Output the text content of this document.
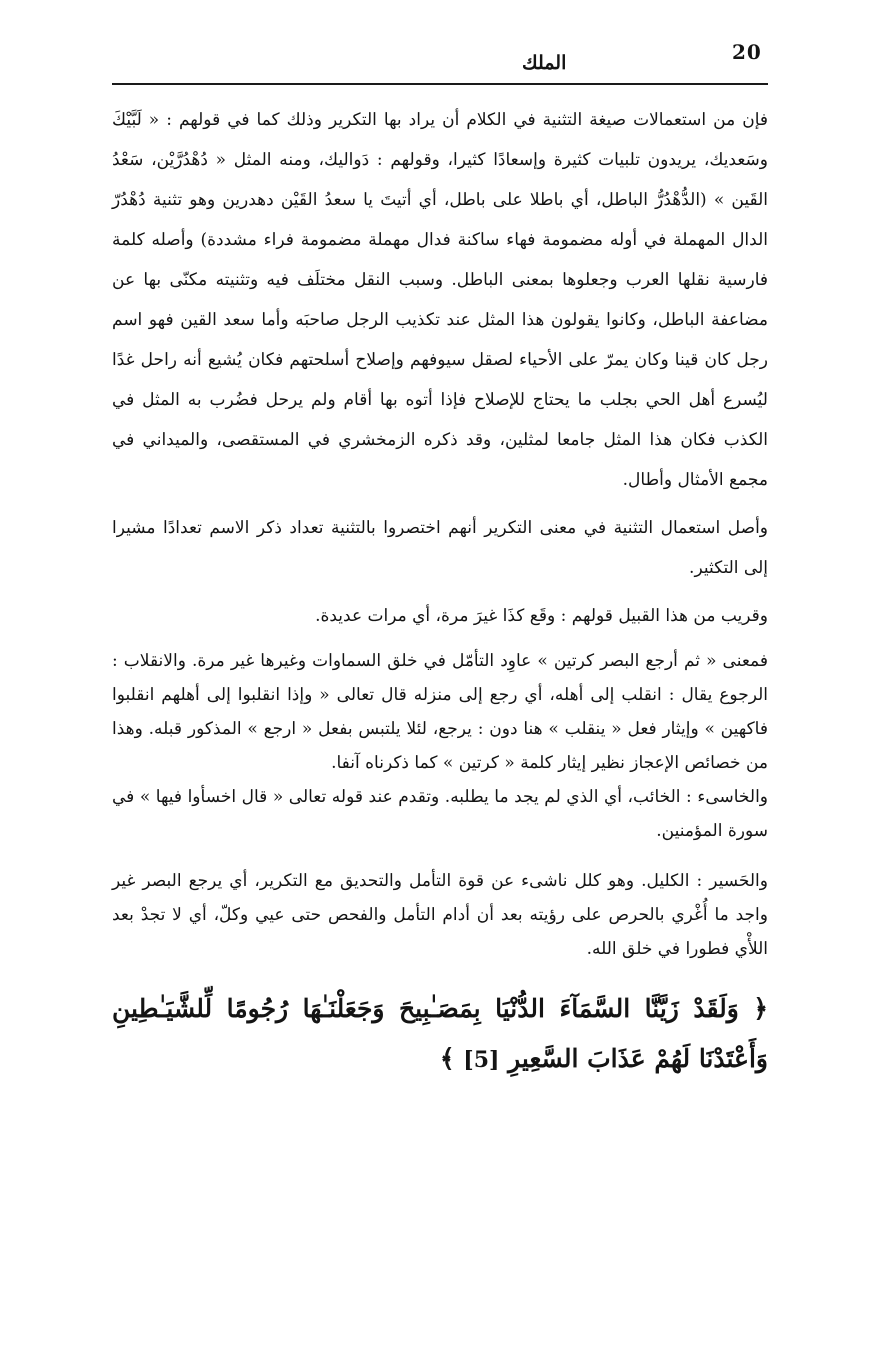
20
الملك

فإن من استعمالات صيغة التثنية في الكلام أن يراد بها التكرير وذلك كما في قولهم : « لَبَّيْكَ وسَعديك، يريدون تلبيات كثيرة وإسعادًا كثيرا، وقولهم : دَواليك، ومنه المثل « دُهْدُرَّيْن، سَعْدُ القَين » (الدُّهْدُرُّ الباطل، أي باطلا على باطل، أي أتيتَ يا سعدُ القَيْن دهدرين وهو تثنية دُهْدُرّ الدال المهملة في أوله مضمومة فهاء ساكنة فدال مهملة مضمومة فراء مشددة) وأصله كلمة فارسية نقلها العرب وجعلوها بمعنى الباطل. وسبب النقل مختلَف فيه وتثنيته مكنّى بها عن مضاعفة الباطل، وكانوا يقولون هذا المثل عند تكذيب الرجل صاحبَه وأما سعد القين فهو اسم رجل كان قينا وكان يمرّ على الأحياء لصقل سيوفهم وإصلاح أسلحتهم فكان يُشيع أنه راحل غدًا ليُسرع أهل الحي بجلب ما يحتاج للإصلاح فإذا أتوه بها أقام ولم يرحل فضُرب به المثل في الكذب فكان هذا المثل جامعا لمثلين، وقد ذكره الزمخشري في المستقصى، والميداني في مجمع الأمثال وأطال.

وأصل استعمال التثنية في معنى التكرير أنهم اختصروا بالتثنية تعداد ذكر الاسم تعدادًا مشيرا إلى التكثير.

وقريب من هذا القبيل قولهم : وقَع كذَا غيرَ مرة، أي مرات عديدة.

فمعنى « ثم أرجع البصر كرتين » عاوِد التأمّل في خلق السماوات وغيرها غير مرة. والانقلاب : الرجوع يقال : انقلب إلى أهله، أي رجع إلى منزله قال تعالى « وإذا انقلبوا إلى أهلهم انقلبوا فاكهين » وإيثار فعل « ينقلب » هنا دون : يرجع، لئلا يلتبس بفعل « ارجع » المذكور قبله. وهذا من خصائص الإعجاز نظير إيثار كلمة « كرتين » كما ذكرناه آنفا.

والخاسىء : الخائب، أي الذي لم يجد ما يطلبه. وتقدم عند قوله تعالى « قال اخسأوا فيها » في سورة المؤمنين.

والحَسير : الكليل. وهو كلل ناشىء عن قوة التأمل والتحديق مع التكرير، أي يرجع البصر غير واجد ما أُغْري بالحرص على رؤيته بعد أن أدام التأمل والفحص حتى عيي وكلّ، أي لا تجدْ بعد اللأْي فطورا في خلق الله.

﴿ وَلَقَدْ زَيَّنَّا السَّمَآءَ الدُّنْيَا بِمَصَـٰبِيحَ وَجَعَلْنَـٰهَا رُجُومًا لِّلشَّيَـٰطِينِ وَأَعْتَدْنَا لَهُمْ عَذَابَ السَّعِيرِ [5] ﴾
